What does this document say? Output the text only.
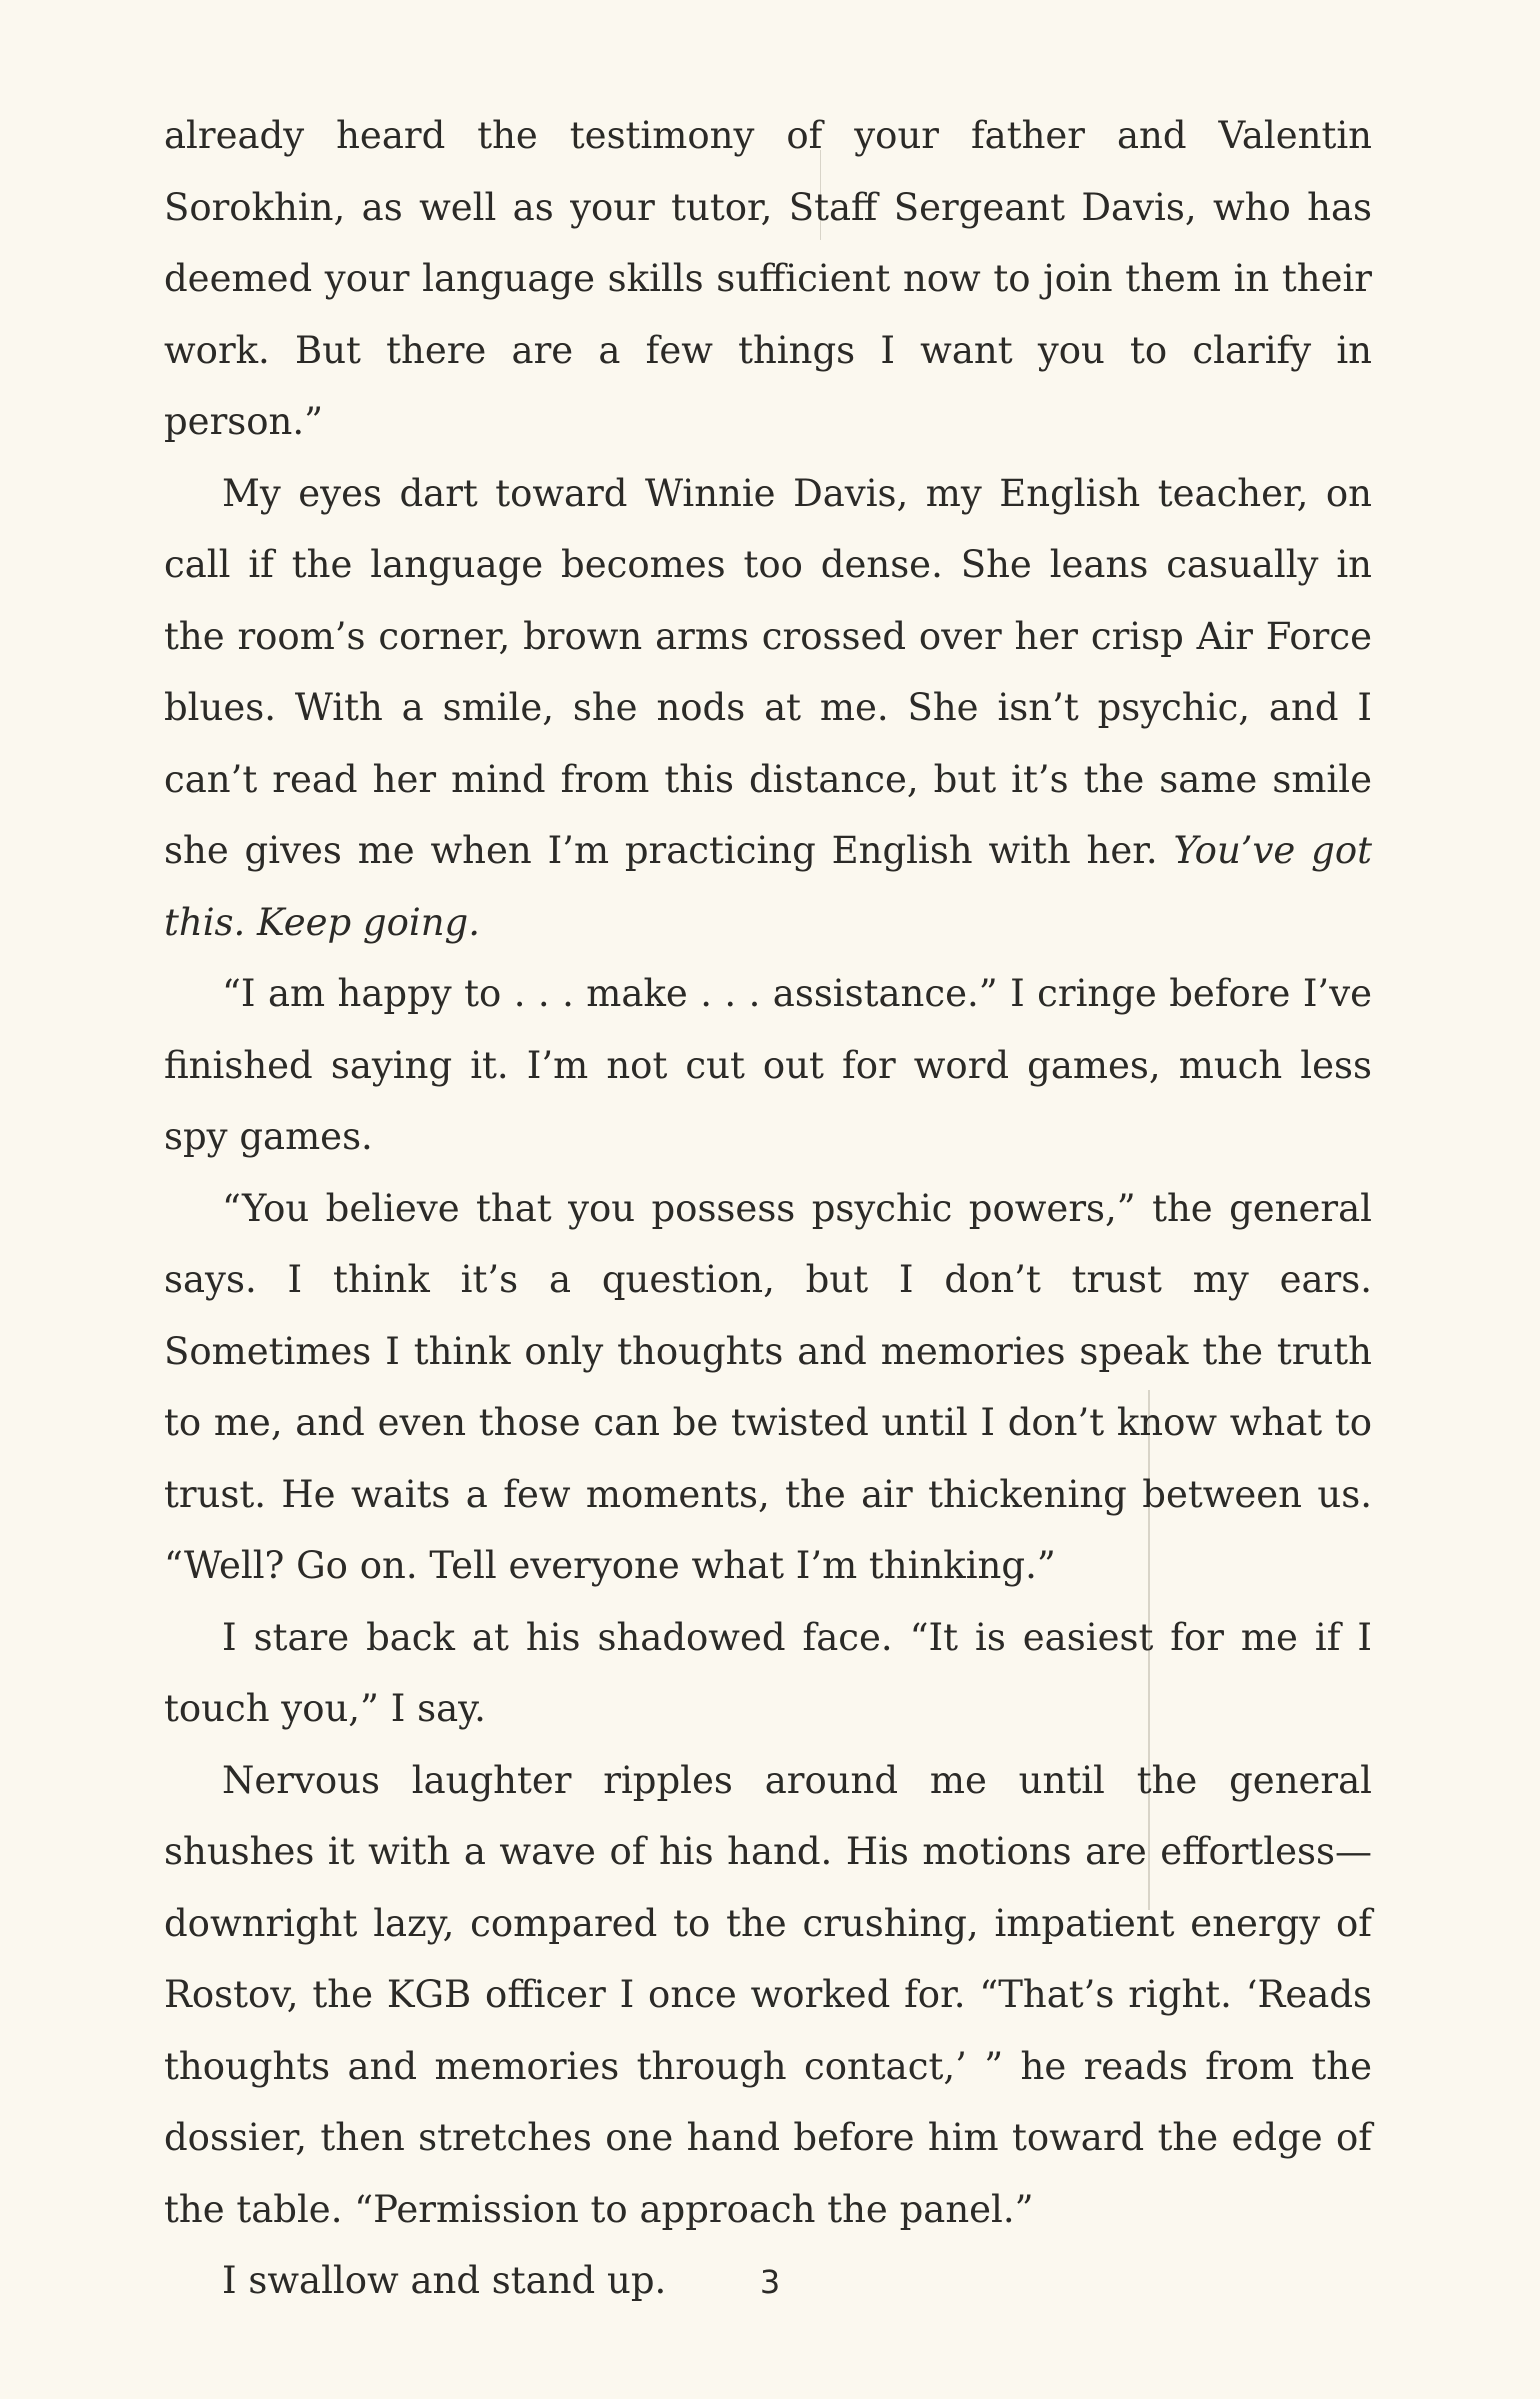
already heard the testimony of your father and Valentin Sorokhin, as well as your tutor, Staff Sergeant Davis, who has deemed your language skills sufficient now to join them in their work. But there are a few things I want you to clarify in person.”

My eyes dart toward Winnie Davis, my English teacher, on call if the language becomes too dense. She leans casually in the room’s corner, brown arms crossed over her crisp Air Force blues. With a smile, she nods at me. She isn’t psychic, and I can’t read her mind from this distance, but it’s the same smile she gives me when I’m practicing English with her. You’ve got this. Keep going.

“I am happy to . . . make . . . assistance.” I cringe before I’ve finished saying it. I’m not cut out for word games, much less spy games.

“You believe that you possess psychic powers,” the general says. I think it’s a question, but I don’t trust my ears. Sometimes I think only thoughts and memories speak the truth to me, and even those can be twisted until I don’t know what to trust. He waits a few moments, the air thickening between us. “Well? Go on. Tell everyone what I’m thinking.”

I stare back at his shadowed face. “It is easiest for me if I touch you,” I say.

Nervous laughter ripples around me until the general shushes it with a wave of his hand. His motions are effortless—downright lazy, compared to the crushing, impatient energy of Rostov, the KGB officer I once worked for. “That’s right. ‘Reads thoughts and memories through contact,’ ” he reads from the dossier, then stretches one hand before him toward the edge of the table. “Permission to approach the panel.”

I swallow and stand up.	3
